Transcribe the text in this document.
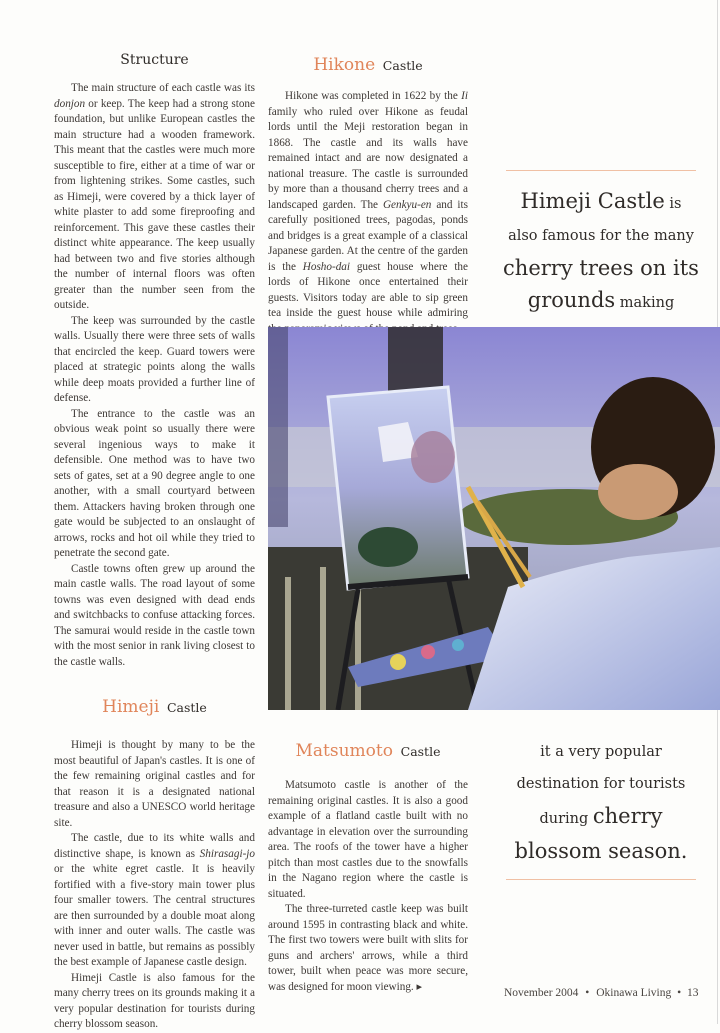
Structure

The main structure of each castle was its donjon or keep. The keep had a strong stone foundation, but unlike European castles the main structure had a wooden framework. This meant that the castles were much more susceptible to fire, either at a time of war or from lightening strikes. Some castles, such as Himeji, were covered by a thick layer of white plaster to add some fireproofing and reinforcement. This gave these castles their distinct white appearance. The keep usually had between two and five stories although the number of internal floors was often greater than the number seen from the outside.

The keep was surrounded by the castle walls. Usually there were three sets of walls that encircled the keep. Guard towers were placed at strategic points along the walls while deep moats provided a further line of defense.

The entrance to the castle was an obvious weak point so usually there were several ingenious ways to make it defensible. One method was to have two sets of gates, set at a 90 degree angle to one another, with a small courtyard between them. Attackers having broken through one gate would be subjected to an onslaught of arrows, rocks and hot oil while they tried to penetrate the second gate.

Castle towns often grew up around the main castle walls. The road layout of some towns was even designed with dead ends and switchbacks to confuse attacking forces. The samurai would reside in the castle town with the most senior in rank living closest to the castle walls.

Himeji Castle

Himeji is thought by many to be the most beautiful of Japan's castles. It is one of the few remaining original castles and for that reason it is a designated national treasure and also a UNESCO world heritage site.

The castle, due to its white walls and distinctive shape, is known as Shirasagi-jo or the white egret castle. It is heavily fortified with a five-story main tower plus four smaller towers. The central structures are then surrounded by a double moat along with inner and outer walls. The castle was never used in battle, but remains as possibly the best example of Japanese castle design.

Himeji Castle is also famous for the many cherry trees on its grounds making it a very popular destination for tourists during cherry blossom season.

Hikone Castle

Hikone was completed in 1622 by the Ii family who ruled over Hikone as feudal lords until the Meji restoration began in 1868. The castle and its walls have remained intact and are now designated a national treasure. The castle is surrounded by more than a thousand cherry trees and a landscaped garden. The Genkyu-en and its carefully positioned trees, pagodas, ponds and bridges is a great example of a classical Japanese garden. At the centre of the garden is the Hosho-dai guest house where the lords of Hikone once entertained their guests. Visitors today are able to sip green tea inside the guest house while admiring

Himeji Castle is
also famous for the many
cherry trees on its
grounds making
Matsumoto Castle

Matsumoto castle is another of the remaining original castles. It is also a good example of a flatland castle built with no advantage in elevation over the surrounding area. The roofs of the tower have a higher pitch than most castles due to the snowfalls in the Nagano region where the castle is situated.

The three-turreted castle keep was built around 1595 in contrasting black and white. The first two towers were built with slits for guns and archers' arrows, while a third tower, built when peace was more secure, was designed for moon viewing. ▸

it a very popular
destination for tourists
during cherry
blossom season.
November 2004 • Okinawa Living • 13
